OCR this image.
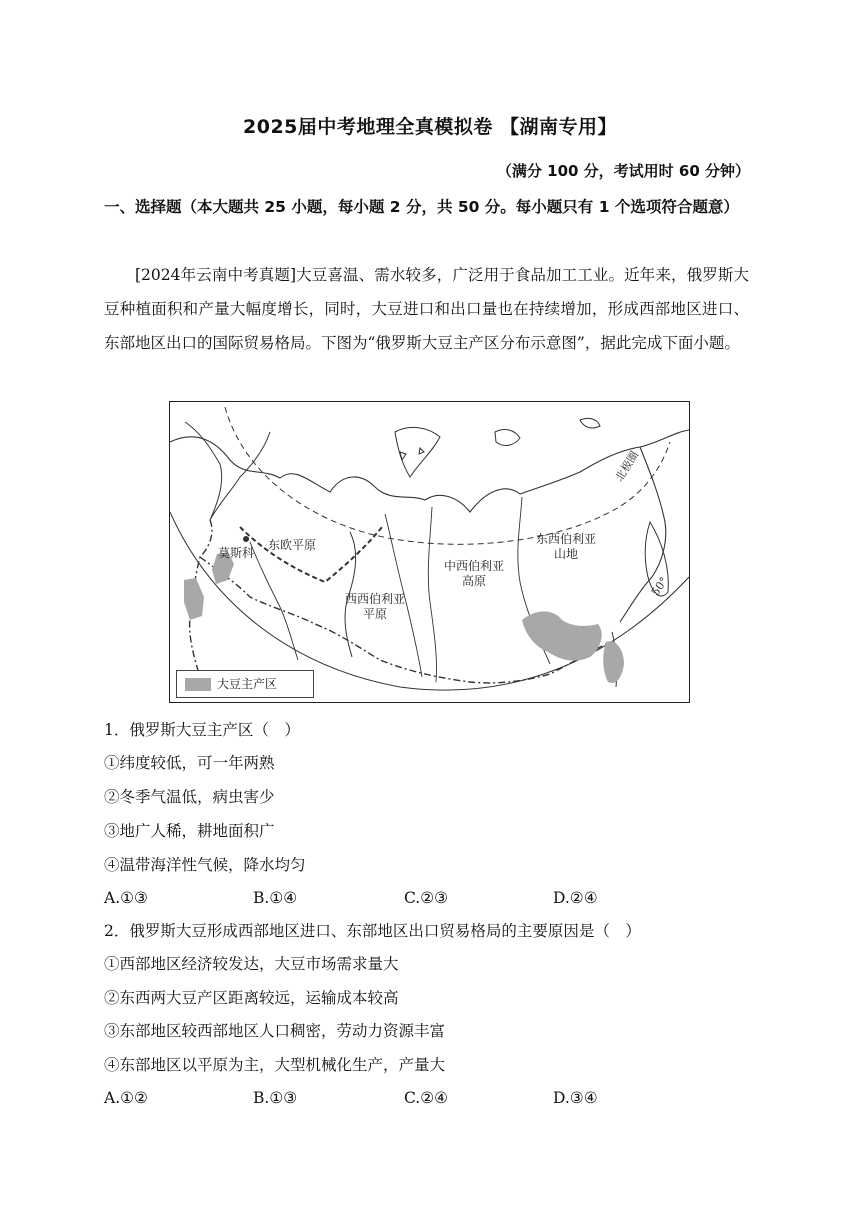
2025届中考地理全真模拟卷 【湖南专用】
（满分 100 分，考试用时 60 分钟）
一、选择题（本大题共 25 小题，每小题 2 分，共 50 分。每小题只有 1 个选项符合题意）
[2024年云南中考真题]大豆喜温、需水较多，广泛用于食品加工工业。近年来，俄罗斯大豆种植面积和产量大幅度增长，同时，大豆进口和出口量也在持续增加，形成西部地区进口、东部地区出口的国际贸易格局。下图为“俄罗斯大豆主产区分布示意图”，据此完成下面小题。
莫斯科
东欧平原
西西伯利亚
平原
中西伯利亚
高原
东西伯利亚
山地
北极圈
50°
大豆主产区
1．俄罗斯大豆主产区（　）
①纬度较低，可一年两熟
②冬季气温低，病虫害少
③地广人稀，耕地面积广
④温带海洋性气候，降水均匀
A.①③	B.①④	C.②③	D.②④
2．俄罗斯大豆形成西部地区进口、东部地区出口贸易格局的主要原因是（　）
①西部地区经济较发达，大豆市场需求量大
②东西两大豆产区距离较远，运输成本较高
③东部地区较西部地区人口稠密，劳动力资源丰富
④东部地区以平原为主，大型机械化生产，产量大
A.①②	B.①③	C.②④	D.③④
